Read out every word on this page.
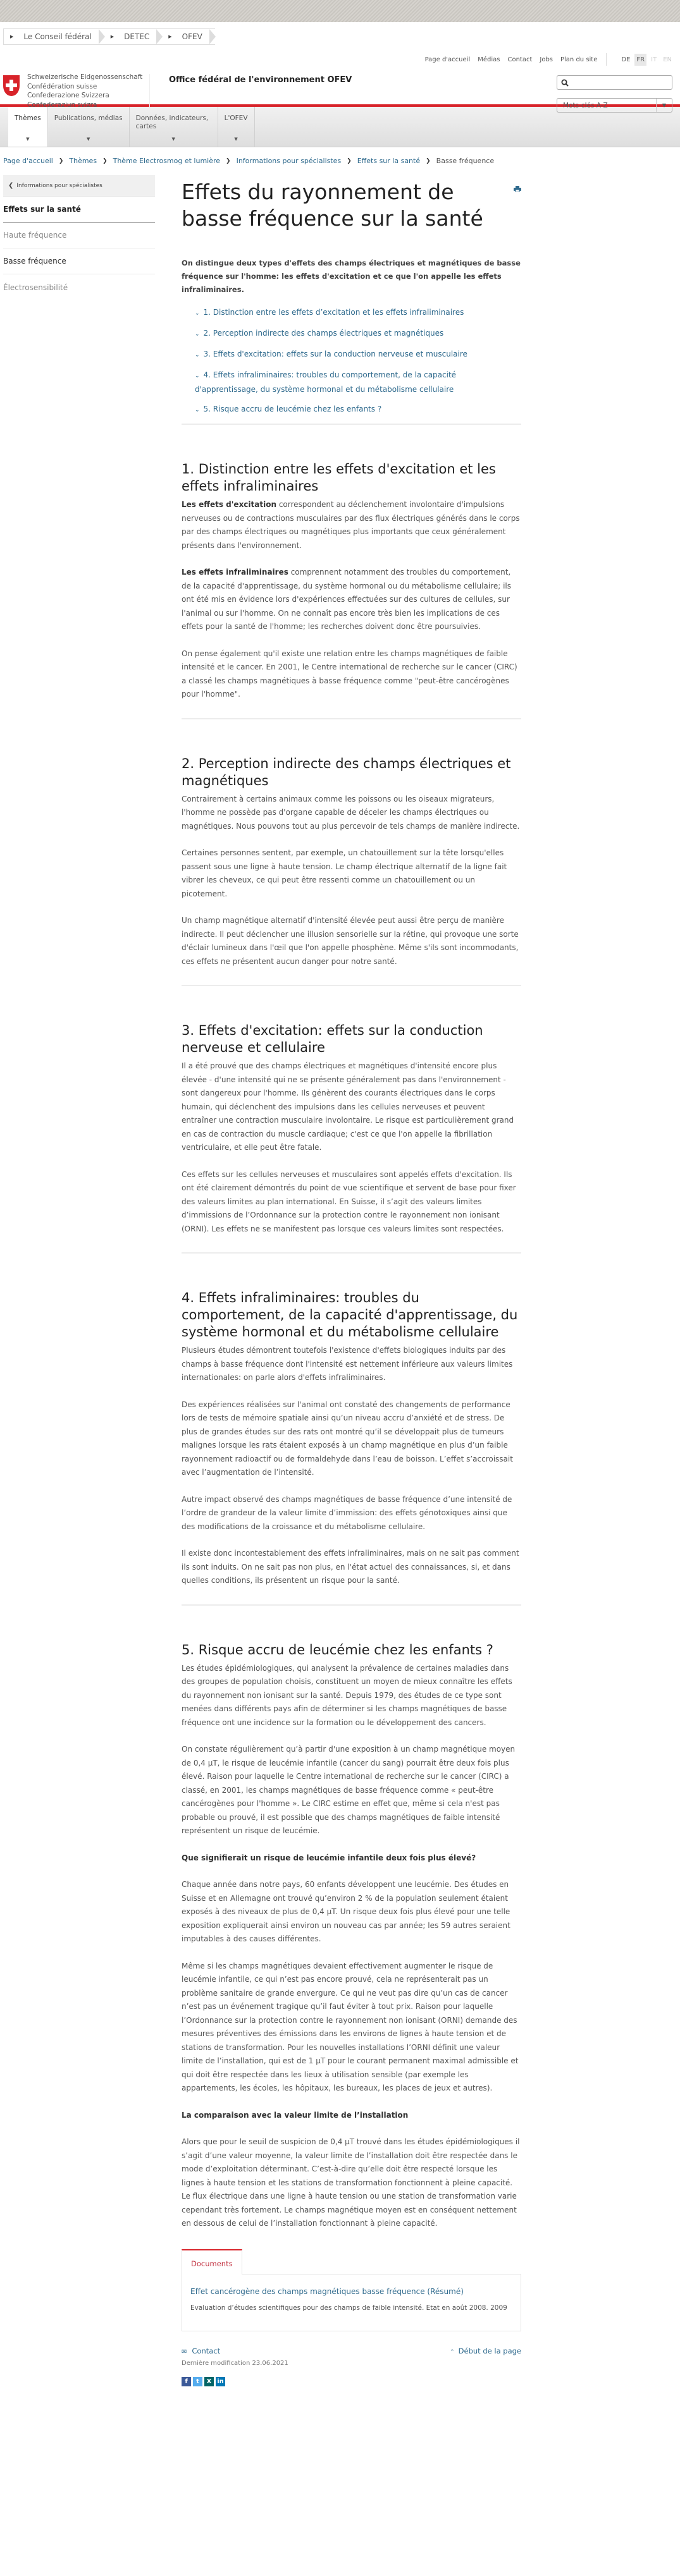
▶ Le Conseil fédéral	▶ DETEC	▶ OFEV
Schweizerische Eidgenossenschaft
Confédération suisse
Confederazione Svizzera
Confederaziun svizra
Office fédéral de l'environnement OFEV
Page d'accueil Médias Contact Jobs Plan du site	DE	FR	IT	EN
Mots-clés A-Z	▼
Thèmes
▼
Publications, médias
▼
Données, indicateurs, cartes
▼
L'OFEV
▼
Page d'accueil ❯ Thèmes ❯ Thème Electrosmog et lumière ❯ Informations pour spécialistes ❯ Effets sur la santé ❯ Basse fréquence
❮ Informations pour spécialistes
Effets sur la santé
Haute fréquence
Basse fréquence
Électrosensibilité
Effets du rayonnement de basse fréquence sur la santé

On distingue deux types d'effets des champs électriques et magnétiques de basse fréquence sur l'homme: les effets d'excitation et ce que l'on appelle les effets infraliminaires.

⌄ 1. Distinction entre les effets d’excitation et les effets infraliminaires
⌄ 2. Perception indirecte des champs électriques et magnétiques
⌄ 3. Effets d'excitation: effets sur la conduction nerveuse et musculaire
⌄ 4. Effets infraliminaires: troubles du comportement, de la capacité d'apprentissage, du système hormonal et du métabolisme cellulaire
⌄ 5. Risque accru de leucémie chez les enfants ?
1. Distinction entre les effets d'excitation et les effets infraliminaires

Les effets d'excitation correspondent au déclenchement involontaire d'impulsions nerveuses ou de contractions musculaires par des flux électriques générés dans le corps par des champs électriques ou magnétiques plus importants que ceux généralement présents dans l'environnement.

Les effets infraliminaires comprennent notamment des troubles du comportement, de la capacité d'apprentissage, du système hormonal ou du métabolisme cellulaire; ils ont été mis en évidence lors d'expériences effectuées sur des cultures de cellules, sur l'animal ou sur l'homme. On ne connaît pas encore très bien les implications de ces effets pour la santé de l'homme; les recherches doivent donc être poursuivies.

On pense également qu'il existe une relation entre les champs magnétiques de faible intensité et le cancer. En 2001, le Centre international de recherche sur le cancer (CIRC) a classé les champs magnétiques à basse fréquence comme "peut-être cancérogènes pour l'homme".

2. Perception indirecte des champs électriques et magnétiques

Contrairement à certains animaux comme les poissons ou les oiseaux migrateurs, l'homme ne possède pas d'organe capable de déceler les champs électriques ou magnétiques. Nous pouvons tout au plus percevoir de tels champs de manière indirecte.

Certaines personnes sentent, par exemple, un chatouillement sur la tête lorsqu'elles passent sous une ligne à haute tension. Le champ électrique alternatif de la ligne fait vibrer les cheveux, ce qui peut être ressenti comme un chatouillement ou un picotement.

Un champ magnétique alternatif d'intensité élevée peut aussi être perçu de manière indirecte. Il peut déclencher une illusion sensorielle sur la rétine, qui provoque une sorte d'éclair lumineux dans l'œil que l'on appelle phosphène. Même s'ils sont incommodants, ces effets ne présentent aucun danger pour notre santé.

3. Effets d'excitation: effets sur la conduction nerveuse et cellulaire

Il a été prouvé que des champs électriques et magnétiques d'intensité encore plus élevée - d'une intensité qui ne se présente généralement pas dans l'environnement - sont dangereux pour l'homme. Ils génèrent des courants électriques dans le corps humain, qui déclenchent des impulsions dans les cellules nerveuses et peuvent entraîner une contraction musculaire involontaire. Le risque est particulièrement grand en cas de contraction du muscle cardiaque; c'est ce que l'on appelle la fibrillation ventriculaire, et elle peut être fatale.

Ces effets sur les cellules nerveuses et musculaires sont appelés effets d'excitation. Ils ont été clairement démontrés du point de vue scientifique et servent de base pour fixer des valeurs limites au plan international. En Suisse, il s’agit des valeurs limites d’immissions de l’Ordonnance sur la protection contre le rayonnement non ionisant (ORNI). Les effets ne se manifestent pas lorsque ces valeurs limites sont respectées.

4. Effets infraliminaires: troubles du comportement, de la capacité d'apprentissage, du système hormonal et du métabolisme cellulaire

Plusieurs études démontrent toutefois l'existence d'effets biologiques induits par des champs à basse fréquence dont l'intensité est nettement inférieure aux valeurs limites internationales: on parle alors d'effets infraliminaires.

Des expériences réalisées sur l'animal ont constaté des changements de performance lors de tests de mémoire spatiale ainsi qu’un niveau accru d’anxiété et de stress. De plus de grandes études sur des rats ont montré qu’il se développait plus de tumeurs malignes lorsque les rats étaient exposés à un champ magnétique en plus d’un faible rayonnement radioactif ou de formaldehyde dans l’eau de boisson. L’effet s’accroissait avec l’augmentation de l’intensité.

Autre impact observé des champs magnétiques de basse fréquence d’une intensité de l’ordre de grandeur de la valeur limite d’immission: des effets génotoxiques ainsi que des modifications de la croissance et du métabolisme cellulaire.

Il existe donc incontestablement des effets infraliminaires, mais on ne sait pas comment ils sont induits. On ne sait pas non plus, en l'état actuel des connaissances, si, et dans quelles conditions, ils présentent un risque pour la santé.

5. Risque accru de leucémie chez les enfants ?

Les études épidémiologiques, qui analysent la prévalence de certaines maladies dans des groupes de population choisis, constituent un moyen de mieux connaître les effets du rayonnement non ionisant sur la santé. Depuis 1979, des études de ce type sont menées dans différents pays afin de déterminer si les champs magnétiques de basse fréquence ont une incidence sur la formation ou le développement des cancers.

On constate régulièrement qu’à partir d'une exposition à un champ magnétique moyen de 0,4 µT, le risque de leucémie infantile (cancer du sang) pourrait être deux fois plus élevé. Raison pour laquelle le Centre international de recherche sur le cancer (CIRC) a classé, en 2001, les champs magnétiques de basse fréquence comme « peut-être cancérogènes pour l'homme ». Le CIRC estime en effet que, même si cela n'est pas probable ou prouvé, il est possible que des champs magnétiques de faible intensité représentent un risque de leucémie.

Que signifierait un risque de leucémie infantile deux fois plus élevé?

Chaque année dans notre pays, 60 enfants développent une leucémie. Des études en Suisse et en Allemagne ont trouvé qu’environ 2 % de la population seulement étaient exposés à des niveaux de plus de 0,4 µT. Un risque deux fois plus élevé pour une telle exposition expliquerait ainsi environ un nouveau cas par année; les 59 autres seraient imputables à des causes différentes.

Même si les champs magnétiques devaient effectivement augmenter le risque de leucémie infantile, ce qui n’est pas encore prouvé, cela ne représenterait pas un problème sanitaire de grande envergure. Ce qui ne veut pas dire qu’un cas de cancer n’est pas un événement tragique qu’il faut éviter à tout prix. Raison pour laquelle l’Ordonnance sur la protection contre le rayonnement non ionisant (ORNI) demande des mesures préventives des émissions dans les environs de lignes à haute tension et de stations de transformation. Pour les nouvelles installations l’ORNI définit une valeur limite de l’installation, qui est de 1 µT pour le courant permanent maximal admissible et qui doit être respectée dans les lieux à utilisation sensible (par exemple les appartements, les écoles, les hôpitaux, les bureaux, les places de jeux et autres).

La comparaison avec la valeur limite de l’installation

Alors que pour le seuil de suspicion de 0,4 µT trouvé dans les études épidémiologiques il s’agit d’une valeur moyenne, la valeur limite de l’installation doit être respectée dans le mode d’exploitation déterminant. C’est-à-dire qu’elle doit être respecté lorsque les lignes à haute tension et les stations de transformation fonctionnent à pleine capacité. Le flux électrique dans une ligne à haute tension ou une station de transformation varie cependant très fortement. Le champs magnétique moyen est en conséquent nettement en dessous de celui de l’installation fonctionnant à pleine capacité.

Documents
Effet cancérogène des champs magnétiques basse fréquence (Résumé)
Evaluation d’études scientifiques pour des champs de faible intensité. Etat en août 2008. 2009
✉ Contact	⌃ Début de la page
Dernière modification 23.06.2021
f	t	X in
